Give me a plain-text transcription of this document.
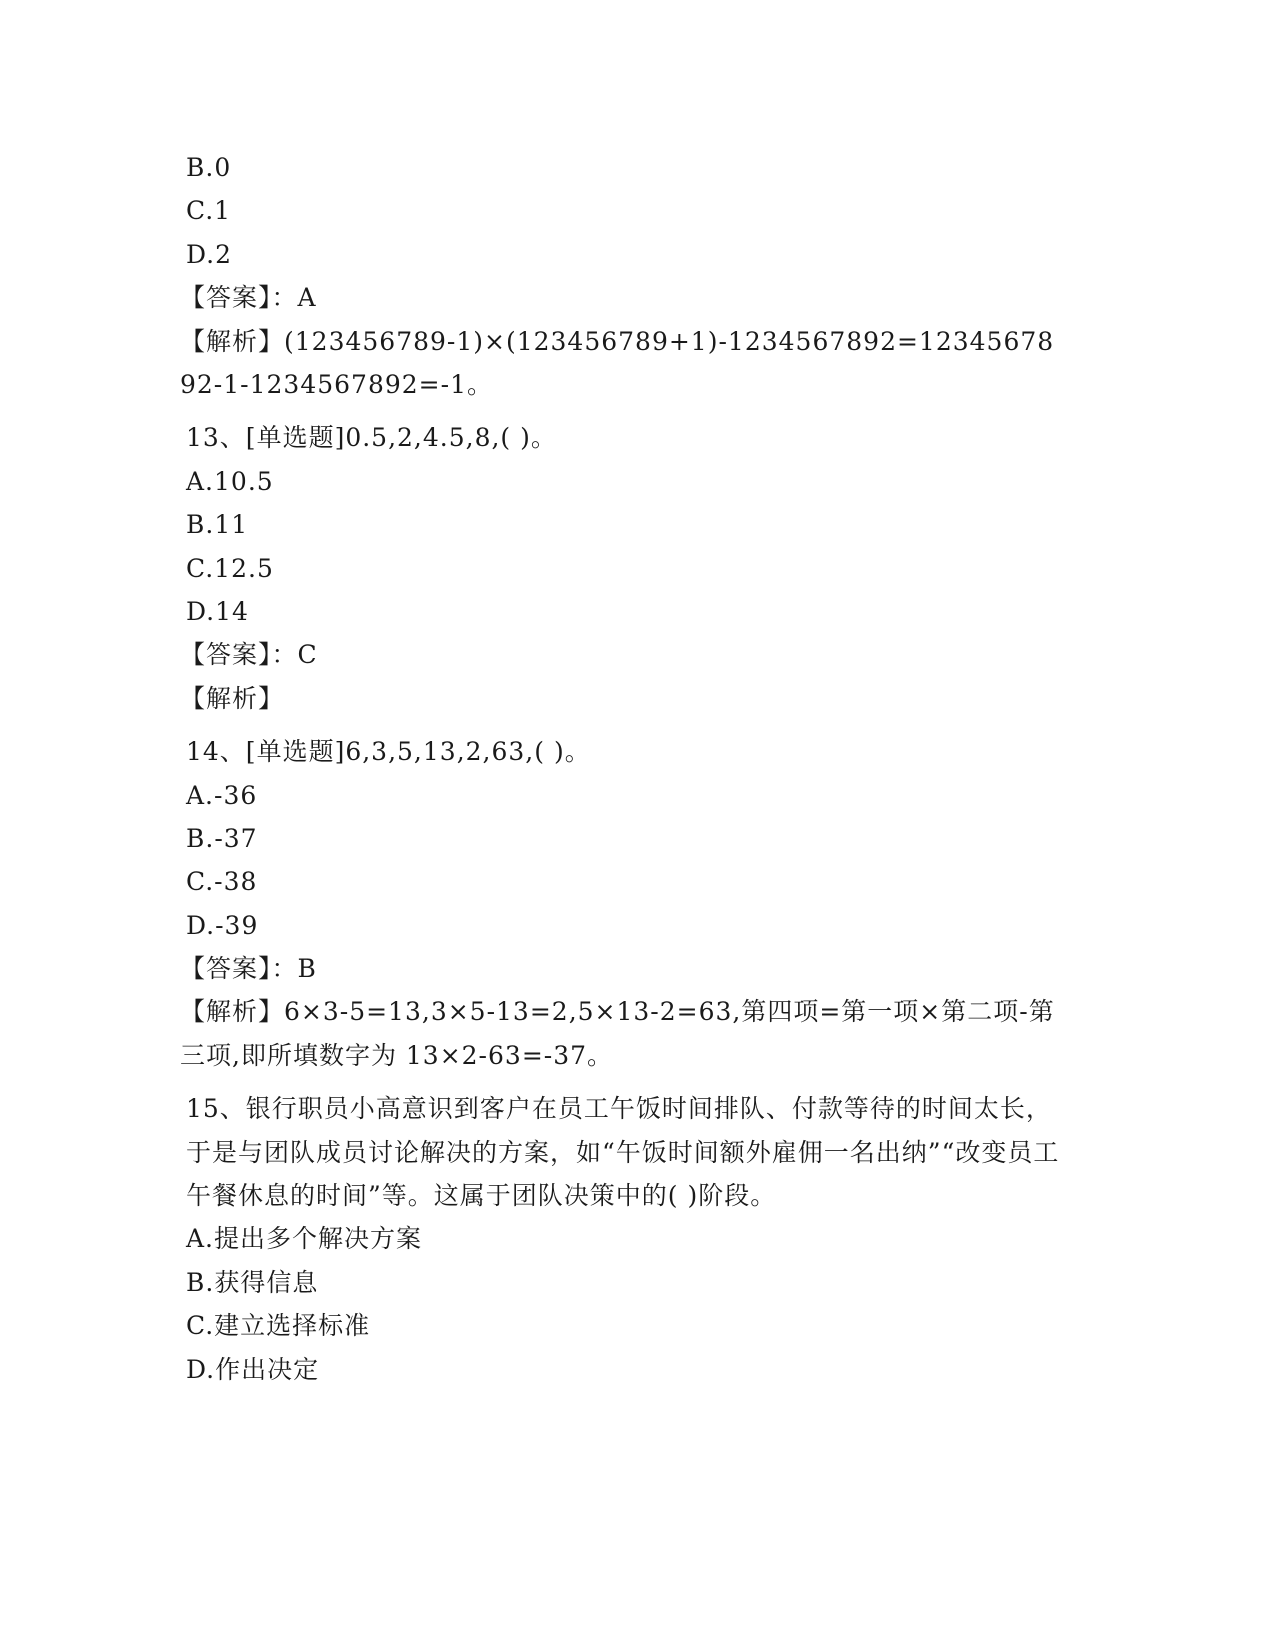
B.0
C.1
D.2
【答案】：A
【解析】(123456789-1)×(123456789+1)-1234567892=1234567892-1-1234567892=-1。
13、[单选题]0.5,2,4.5,8,( )。
A.10.5
B.11
C.12.5
D.14
【答案】：C
【解析】
14、[单选题]6,3,5,13,2,63,( )。
A.-36
B.-37
C.-38
D.-39
【答案】：B
【解析】6×3-5=13,3×5-13=2,5×13-2=63,第四项=第一项×第二项-第三项,即所填数字为 13×2-63=-37。
15、银行职员小高意识到客户在员工午饭时间排队、付款等待的时间太长，于是与团队成员讨论解决的方案，如“午饭时间额外雇佣一名出纳”“改变员工午餐休息的时间”等。这属于团队决策中的( )阶段。
A.提出多个解决方案
B.获得信息
C.建立选择标准
D.作出决定
